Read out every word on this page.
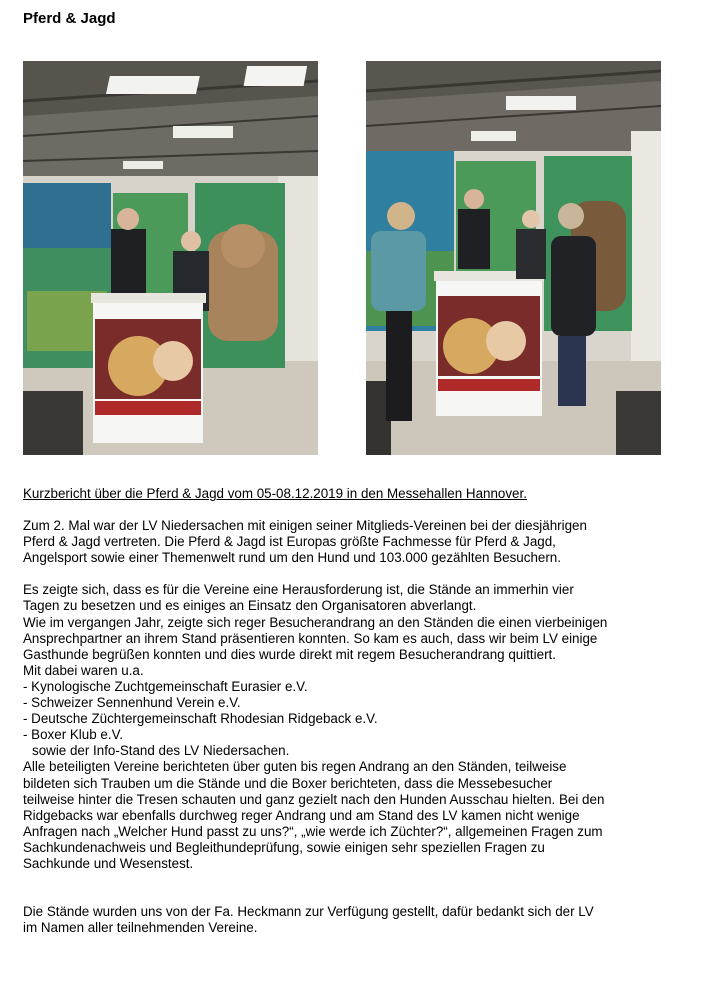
Pferd & Jagd

Kurzbericht über die Pferd & Jagd vom 05-08.12.2019 in den Messehallen Hannover.

Zum 2. Mal war der LV Niedersachen mit einigen seiner Mitglieds-Vereinen bei der diesjährigen

Pferd & Jagd vertreten. Die Pferd & Jagd ist Europas größte Fachmesse für Pferd & Jagd,

Angelsport sowie einer Themenwelt rund um den Hund und 103.000 gezählten Besuchern.

Es zeigte sich, dass es für die Vereine eine Herausforderung ist, die Stände an immerhin vier

Tagen zu besetzen und es einiges an Einsatz den Organisatoren abverlangt.

Wie im vergangen Jahr, zeigte sich reger Besucherandrang an den Ständen die einen vierbeinigen

Ansprechpartner an ihrem Stand präsentieren konnten. So kam es auch, dass wir beim LV einige

Gasthunde begrüßen konnten und dies wurde direkt mit regem Besucherandrang quittiert.

Mit dabei waren u.a.

- Kynologische Zuchtgemeinschaft Eurasier e.V.

- Schweizer Sennenhund Verein e.V.

- Deutsche Züchtergemeinschaft Rhodesian Ridgeback e.V.

- Boxer Klub e.V.

sowie der Info-Stand des LV Niedersachen.

Alle beteiligten Vereine berichteten über guten bis regen Andrang an den Ständen, teilweise

bildeten sich Trauben um die Stände und die Boxer berichteten, dass die Messebesucher

teilweise hinter die Tresen schauten und ganz gezielt nach den Hunden Ausschau hielten. Bei den

Ridgebacks war ebenfalls durchweg reger Andrang und am Stand des LV kamen nicht wenige

Anfragen nach „Welcher Hund passt zu uns?“, „wie werde ich Züchter?“, allgemeinen Fragen zum

Sachkundenachweis und Begleithundeprüfung, sowie einigen sehr speziellen Fragen zu

Sachkunde und Wesenstest.

Die Stände wurden uns von der Fa. Heckmann zur Verfügung gestellt, dafür bedankt sich der LV

im Namen aller teilnehmenden Vereine.
